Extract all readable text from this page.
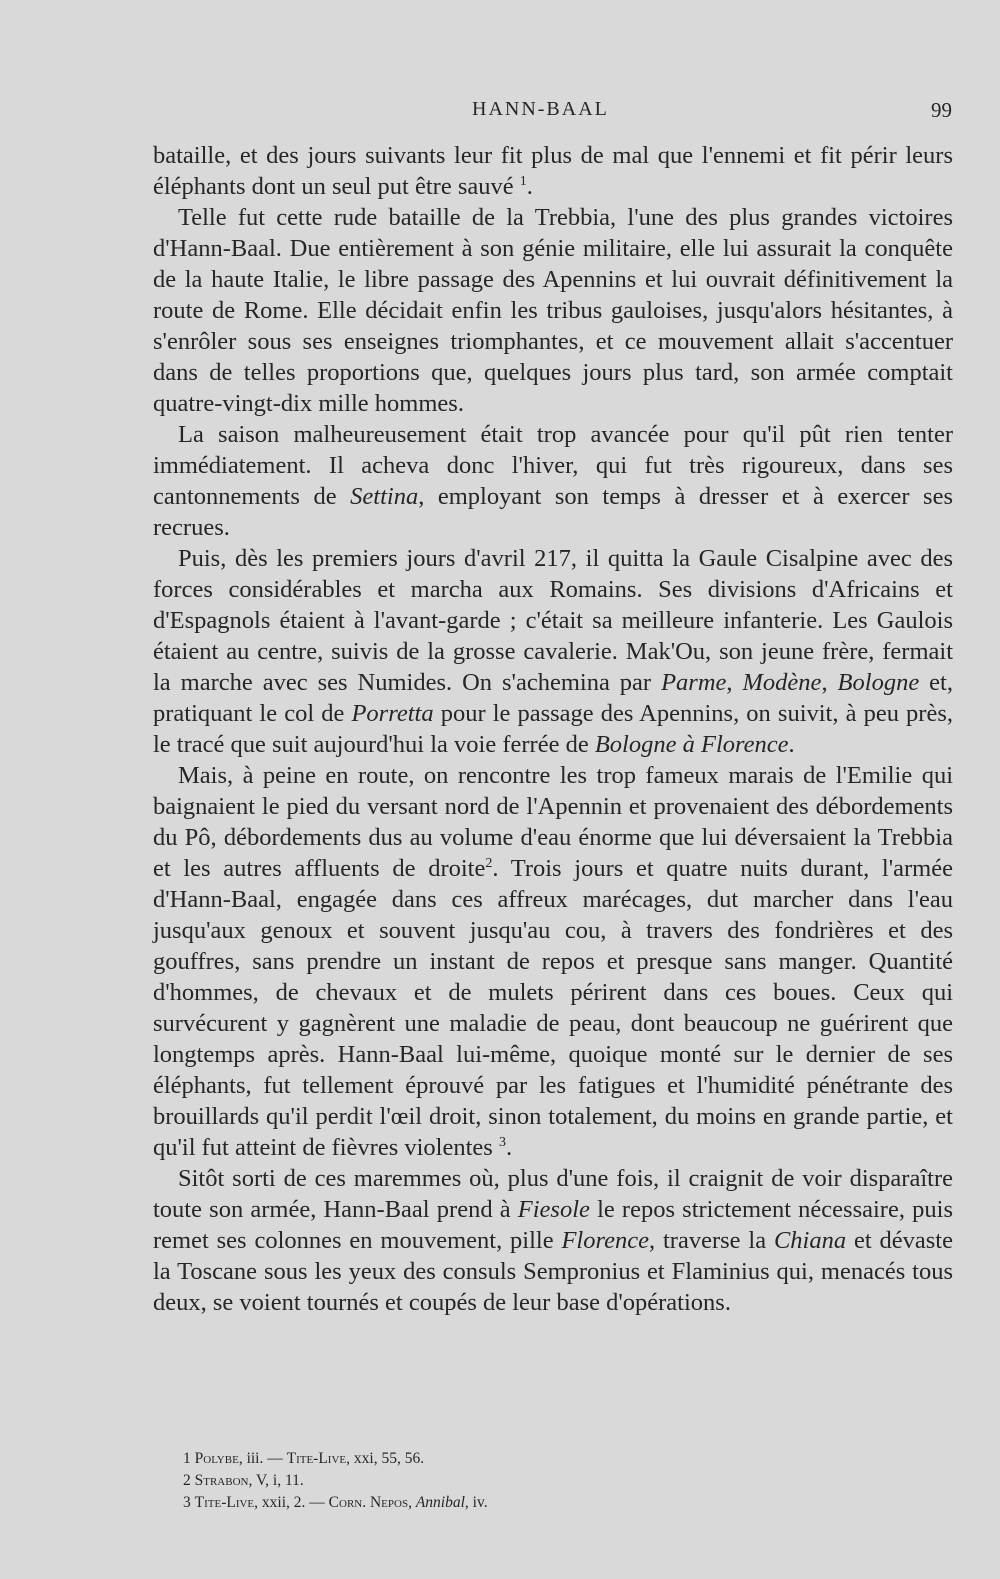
HANN-BAAL	99

bataille, et des jours suivants leur fit plus de mal que l'ennemi et fit périr leurs éléphants dont un seul put être sauvé $^1$.

Telle fut cette rude bataille de la Trebbia, l'une des plus grandes victoires d'Hann-Baal. Due entièrement à son génie militaire, elle lui assurait la conquête de la haute Italie, le libre passage des Apennins et lui ouvrait définitivement la route de Rome. Elle décidait enfin les tribus gauloises, jusqu'alors hésitantes, à s'enrôler sous ses enseignes triomphantes, et ce mouvement allait s'accentuer dans de telles proportions que, quelques jours plus tard, son armée comptait quatre-vingt-dix mille hommes.

La saison malheureusement était trop avancée pour qu'il pût rien tenter immédiatement. Il acheva donc l'hiver, qui fut très rigoureux, dans ses cantonnements de Settina, employant son temps à dresser et à exercer ses recrues.

Puis, dès les premiers jours d'avril 217, il quitta la Gaule Cisalpine avec des forces considérables et marcha aux Romains. Ses divisions d'Africains et d'Espagnols étaient à l'avant-garde ; c'était sa meilleure infanterie. Les Gaulois étaient au centre, suivis de la grosse cavalerie. Mak'Ou, son jeune frère, fermait la marche avec ses Numides. On s'achemina par Parme, Modène, Bologne et, pratiquant le col de Porretta pour le passage des Apennins, on suivit, à peu près, le tracé que suit aujourd'hui la voie ferrée de Bologne à Florence.

Mais, à peine en route, on rencontre les trop fameux marais de l'Emilie qui baignaient le pied du versant nord de l'Apennin et provenaient des débordements du Pô, débordements dus au volume d'eau énorme que lui déversaient la Trebbia et les autres affluents de droite$^2$. Trois jours et quatre nuits durant, l'armée d'Hann-Baal, engagée dans ces affreux marécages, dut marcher dans l'eau jusqu'aux genoux et souvent jusqu'au cou, à travers des fondrières et des gouffres, sans prendre un instant de repos et presque sans manger. Quantité d'hommes, de chevaux et de mulets périrent dans ces boues. Ceux qui survécurent y gagnèrent une maladie de peau, dont beaucoup ne guérirent que longtemps après. Hann-Baal lui-même, quoique monté sur le dernier de ses éléphants, fut tellement éprouvé par les fatigues et l'humidité pénétrante des brouillards qu'il perdit l'œil droit, sinon totalement, du moins en grande partie, et qu'il fut atteint de fièvres violentes $^3$.

Sitôt sorti de ces maremmes où, plus d'une fois, il craignit de voir disparaître toute son armée, Hann-Baal prend à Fiesole le repos strictement nécessaire, puis remet ses colonnes en mouvement, pille Florence, traverse la Chiana et dévaste la Toscane sous les yeux des consuls Sempronius et Flaminius qui, menacés tous deux, se voient tournés et coupés de leur base d'opérations.

1 Polybe, iii. — Tite-Live, xxi, 55, 56.

2 Strabon, V, i, 11.

3 Tite-Live, xxii, 2. — Corn. Nepos, Annibal, iv.
